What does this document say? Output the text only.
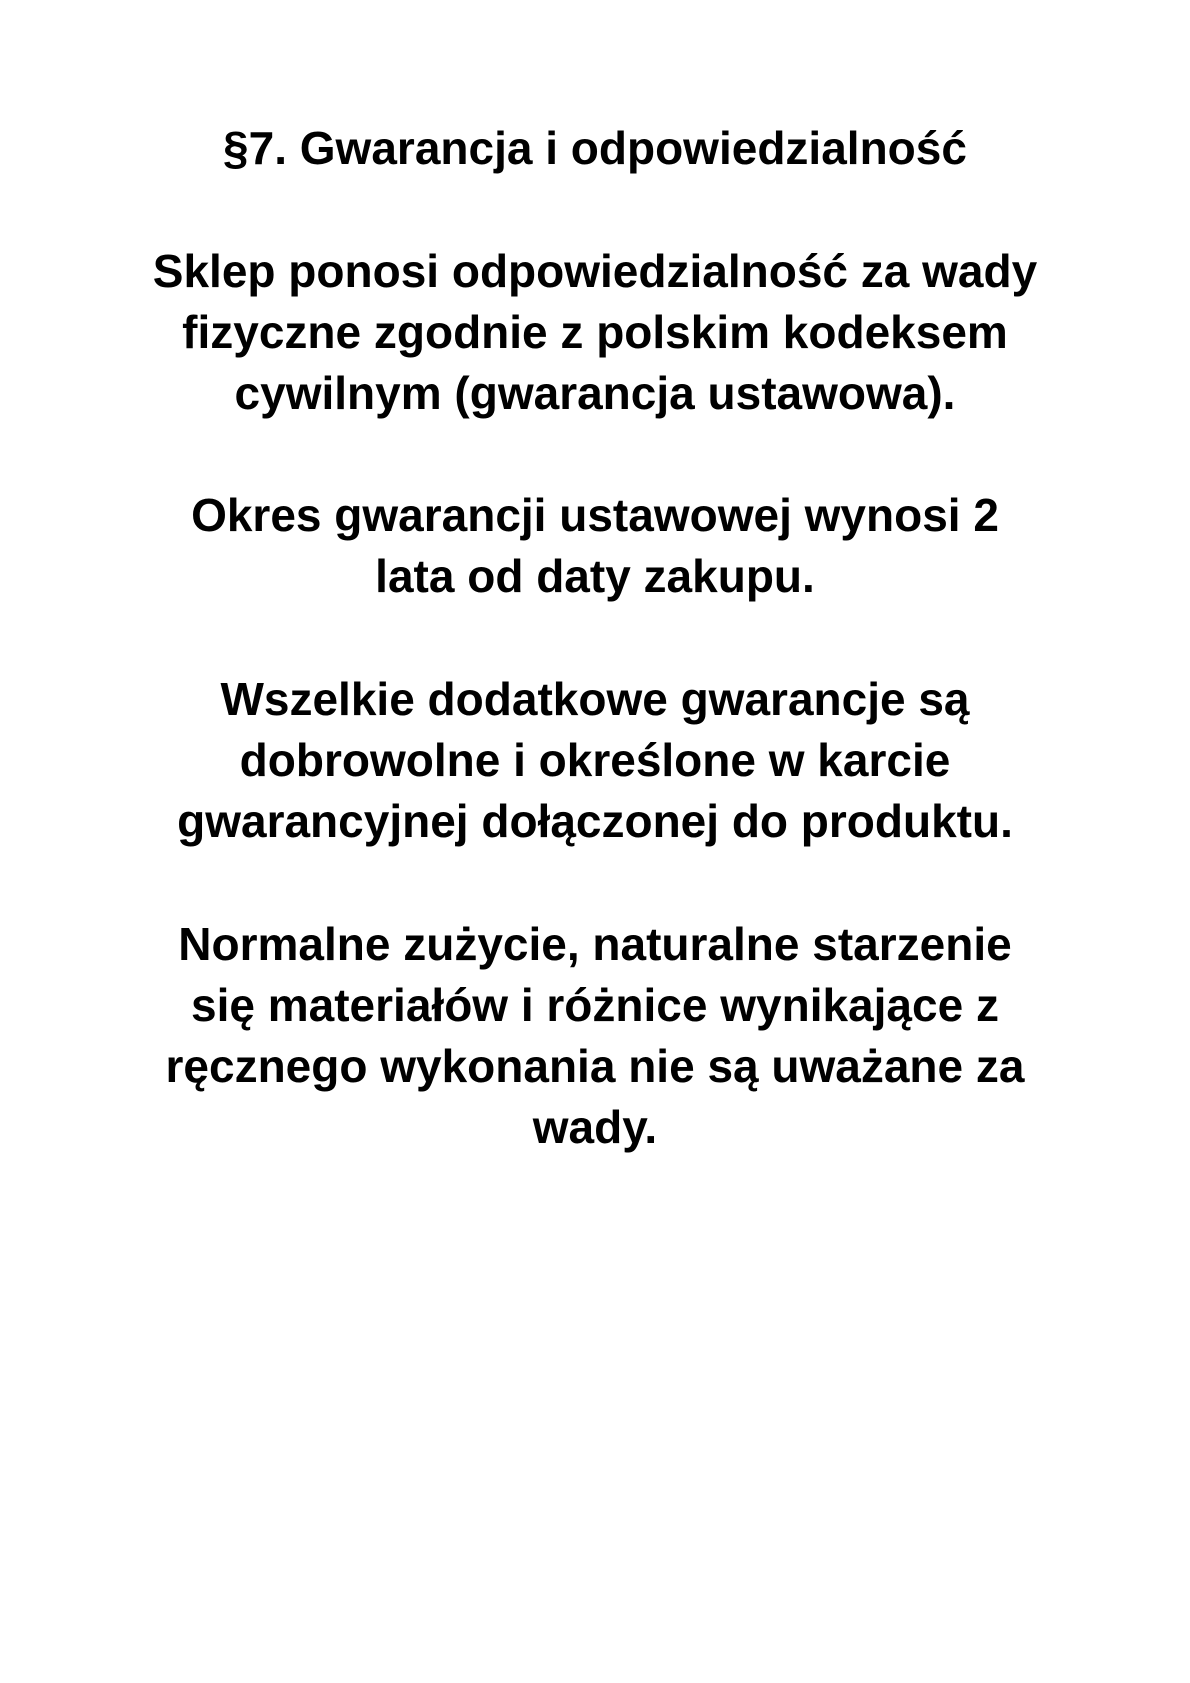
§7. Gwarancja i odpowiedzialność

Sklep ponosi odpowiedzialność za wady
fizyczne zgodnie z polskim kodeksem
cywilnym (gwarancja ustawowa).

Okres gwarancji ustawowej wynosi 2
lata od daty zakupu.

Wszelkie dodatkowe gwarancje są
dobrowolne i określone w karcie
gwarancyjnej dołączonej do produktu.

Normalne zużycie, naturalne starzenie
się materiałów i różnice wynikające z
ręcznego wykonania nie są uważane za
wady.
